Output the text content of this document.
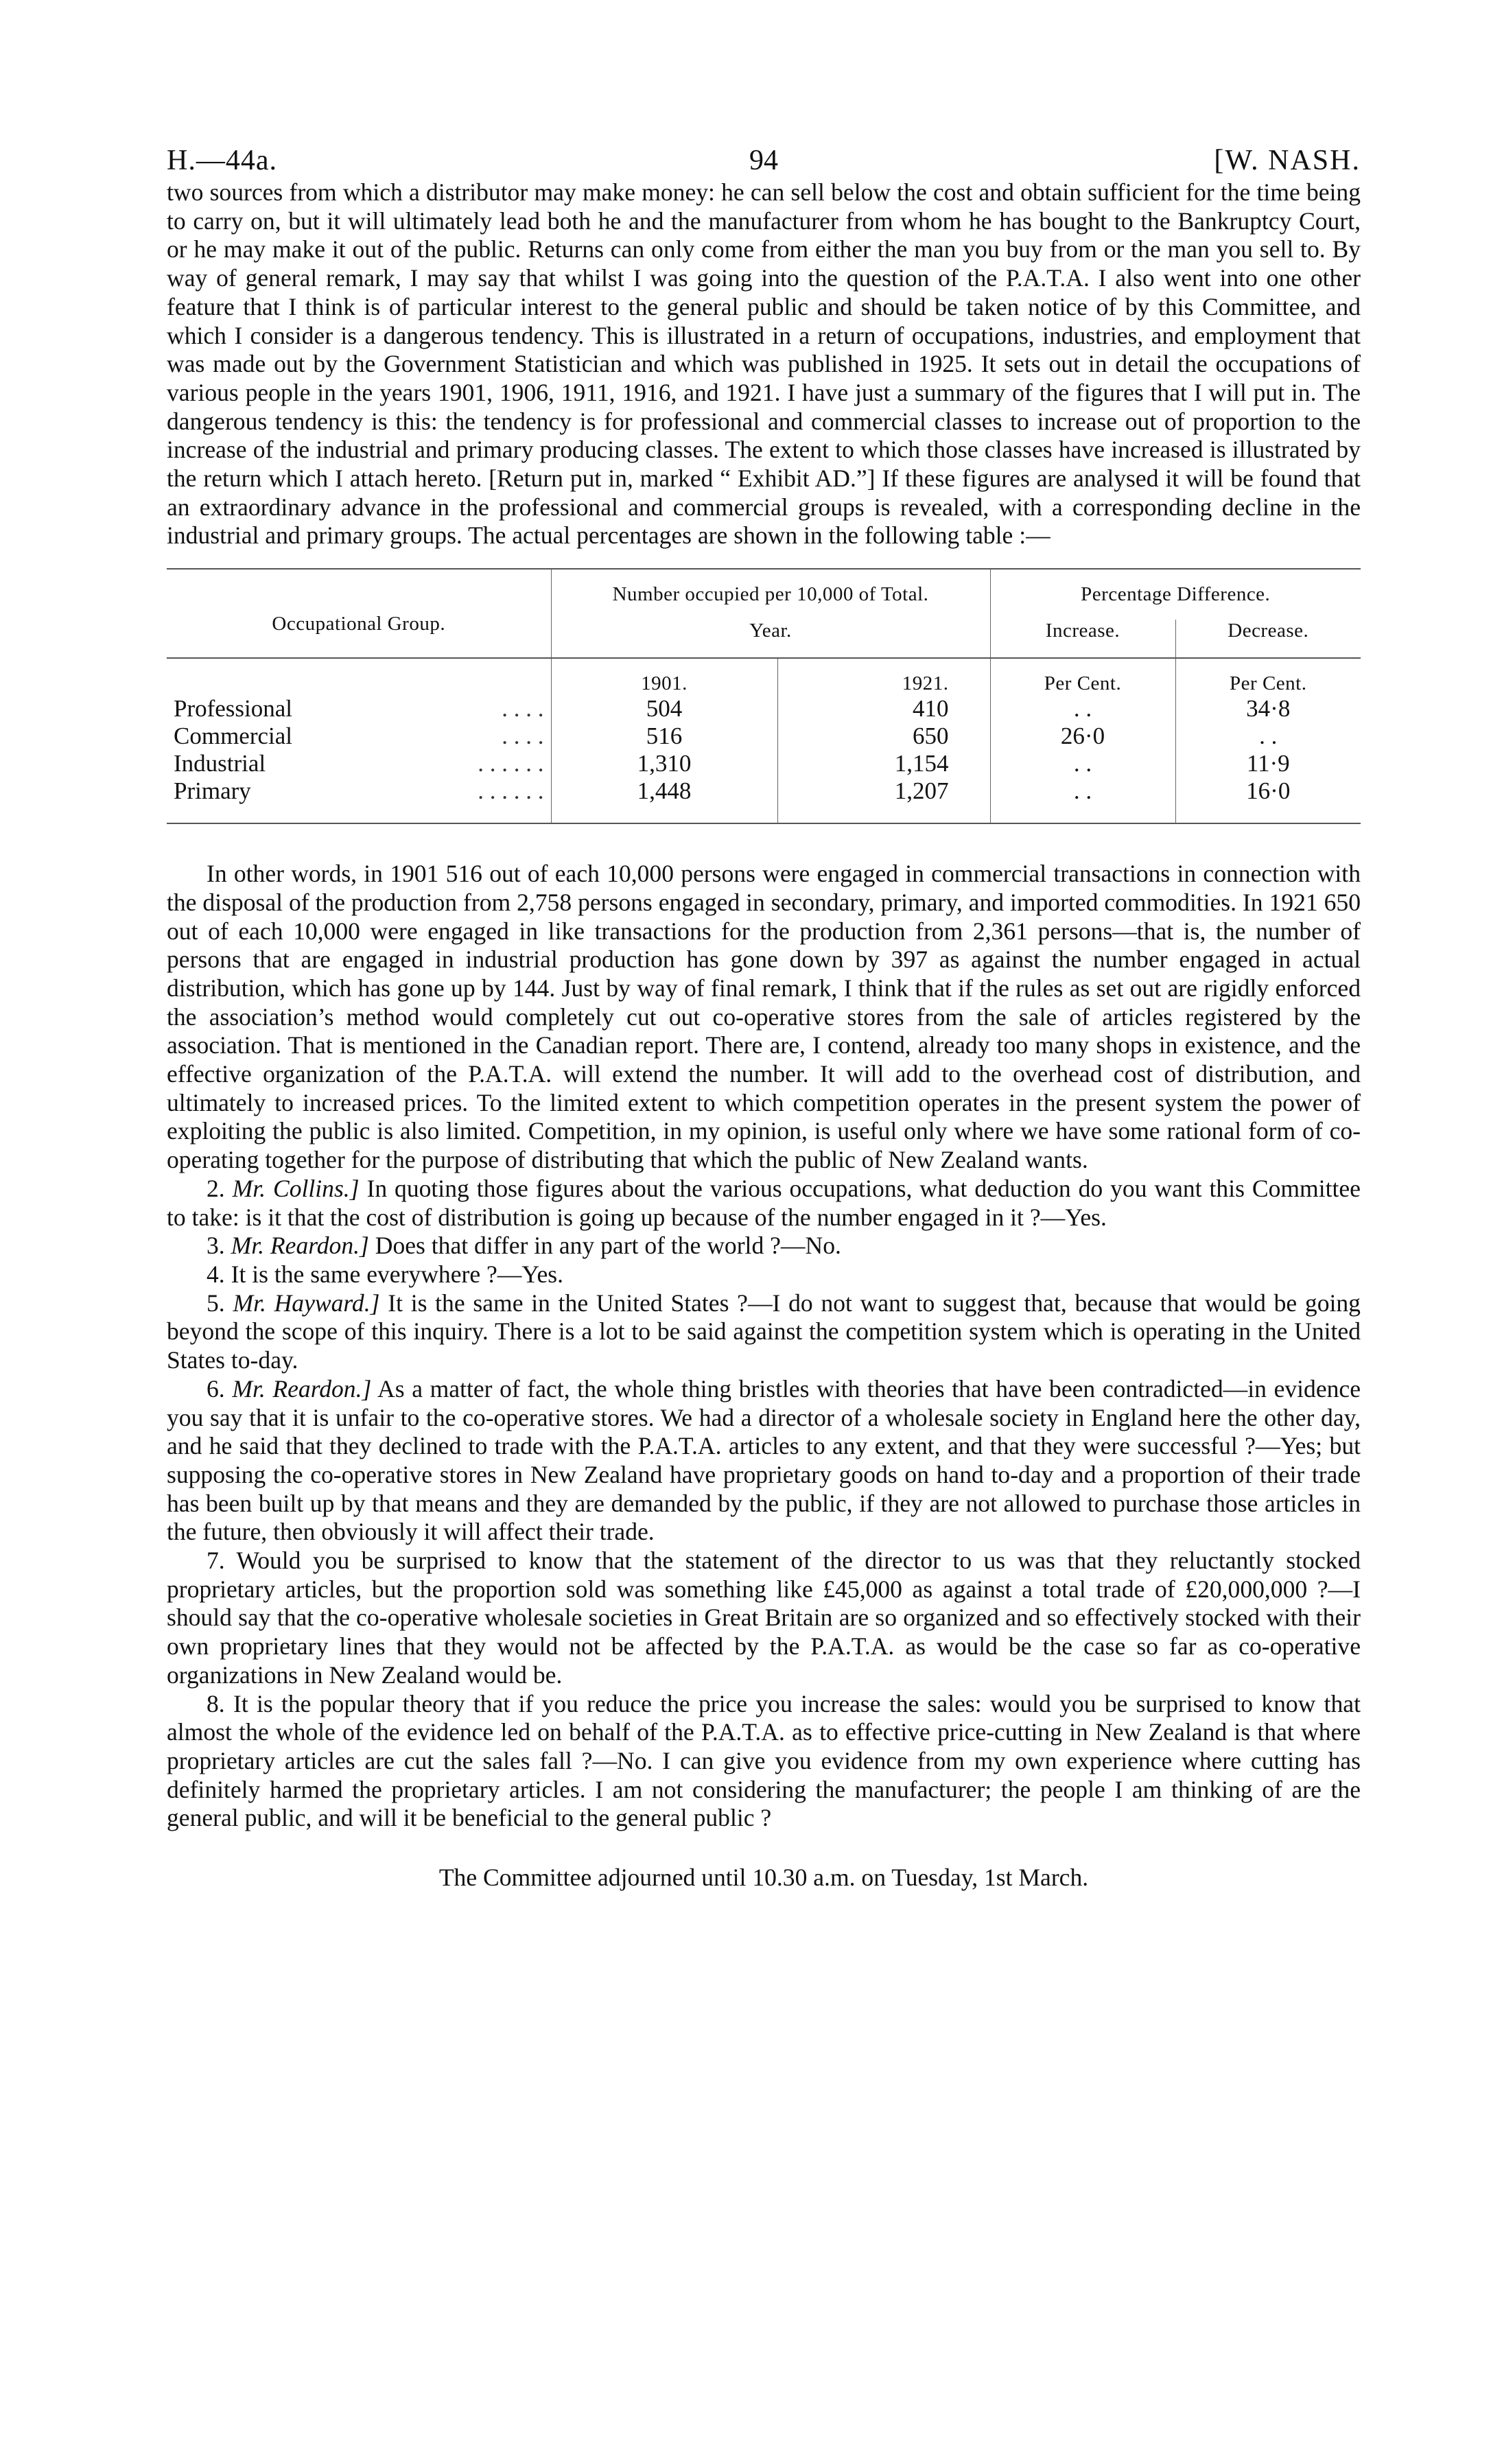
H.—44a.	94	[W. NASH.

two sources from which a distributor may make money: he can sell below the cost and obtain sufficient for the time being to carry on, but it will ultimately lead both he and the manufacturer from whom he has bought to the Bankruptcy Court, or he may make it out of the public. Returns can only come from either the man you buy from or the man you sell to. By way of general remark, I may say that whilst I was going into the question of the P.A.T.A. I also went into one other feature that I think is of particular interest to the general public and should be taken notice of by this Committee, and which I consider is a dangerous tendency. This is illustrated in a return of occupations, industries, and employment that was made out by the Government Statistician and which was published in 1925. It sets out in detail the occupations of various people in the years 1901, 1906, 1911, 1916, and 1921. I have just a summary of the figures that I will put in. The dangerous tendency is this: the tendency is for professional and commercial classes to increase out of proportion to the increase of the industrial and primary producing classes. The extent to which those classes have increased is illustrated by the return which I attach hereto. [Return put in, marked “ Exhibit AD.”] If these figures are analysed it will be found that an extraordinary advance in the professional and commercial groups is revealed, with a corresponding decline in the industrial and primary groups. The actual percentages are shown in the following table :—

Occupational Group.	Number occupied per 10,000 of Total.		Percentage Difference.	
	Year.		Increase.	Decrease.
	1901.	1921.	Per Cent.	Per Cent.
Professional . . . .	504	410	. .	34·8
Commercial . . . .	516	650	26·0	. .
Industrial . . . . . .	1,310	1,154	. .	11·9
Primary . . . . . .	1,448	1,207	. .	16·0

In other words, in 1901 516 out of each 10,000 persons were engaged in commercial transactions in connection with the disposal of the production from 2,758 persons engaged in secondary, primary, and imported commodities. In 1921 650 out of each 10,000 were engaged in like transactions for the production from 2,361 persons—that is, the number of persons that are engaged in industrial production has gone down by 397 as against the number engaged in actual distribution, which has gone up by 144. Just by way of final remark, I think that if the rules as set out are rigidly enforced the association’s method would completely cut out co-operative stores from the sale of articles registered by the association. That is mentioned in the Canadian report. There are, I contend, already too many shops in existence, and the effective organization of the P.A.T.A. will extend the number. It will add to the overhead cost of distribution, and ultimately to increased prices. To the limited extent to which competition operates in the present system the power of exploiting the public is also limited. Competition, in my opinion, is useful only where we have some rational form of co-operating together for the purpose of distributing that which the public of New Zealand wants.

2. Mr. Collins.] In quoting those figures about the various occupations, what deduction do you want this Committee to take: is it that the cost of distribution is going up because of the number engaged in it ?—Yes.

3. Mr. Reardon.] Does that differ in any part of the world ?—No.

4. It is the same everywhere ?—Yes.

5. Mr. Hayward.] It is the same in the United States ?—I do not want to suggest that, because that would be going beyond the scope of this inquiry. There is a lot to be said against the competition system which is operating in the United States to-day.

6. Mr. Reardon.] As a matter of fact, the whole thing bristles with theories that have been contradicted—in evidence you say that it is unfair to the co-operative stores. We had a director of a wholesale society in England here the other day, and he said that they declined to trade with the P.A.T.A. articles to any extent, and that they were successful ?—Yes; but supposing the co-operative stores in New Zealand have proprietary goods on hand to-day and a proportion of their trade has been built up by that means and they are demanded by the public, if they are not allowed to purchase those articles in the future, then obviously it will affect their trade.

7. Would you be surprised to know that the statement of the director to us was that they reluctantly stocked proprietary articles, but the proportion sold was something like £45,000 as against a total trade of £20,000,000 ?—I should say that the co-operative wholesale societies in Great Britain are so organized and so effectively stocked with their own proprietary lines that they would not be affected by the P.A.T.A. as would be the case so far as co-operative organizations in New Zealand would be.

8. It is the popular theory that if you reduce the price you increase the sales: would you be surprised to know that almost the whole of the evidence led on behalf of the P.A.T.A. as to effective price-cutting in New Zealand is that where proprietary articles are cut the sales fall ?—No. I can give you evidence from my own experience where cutting has definitely harmed the proprietary articles. I am not considering the manufacturer; the people I am thinking of are the general public, and will it be beneficial to the general public ?

The Committee adjourned until 10.30 a.m. on Tuesday, 1st March.
